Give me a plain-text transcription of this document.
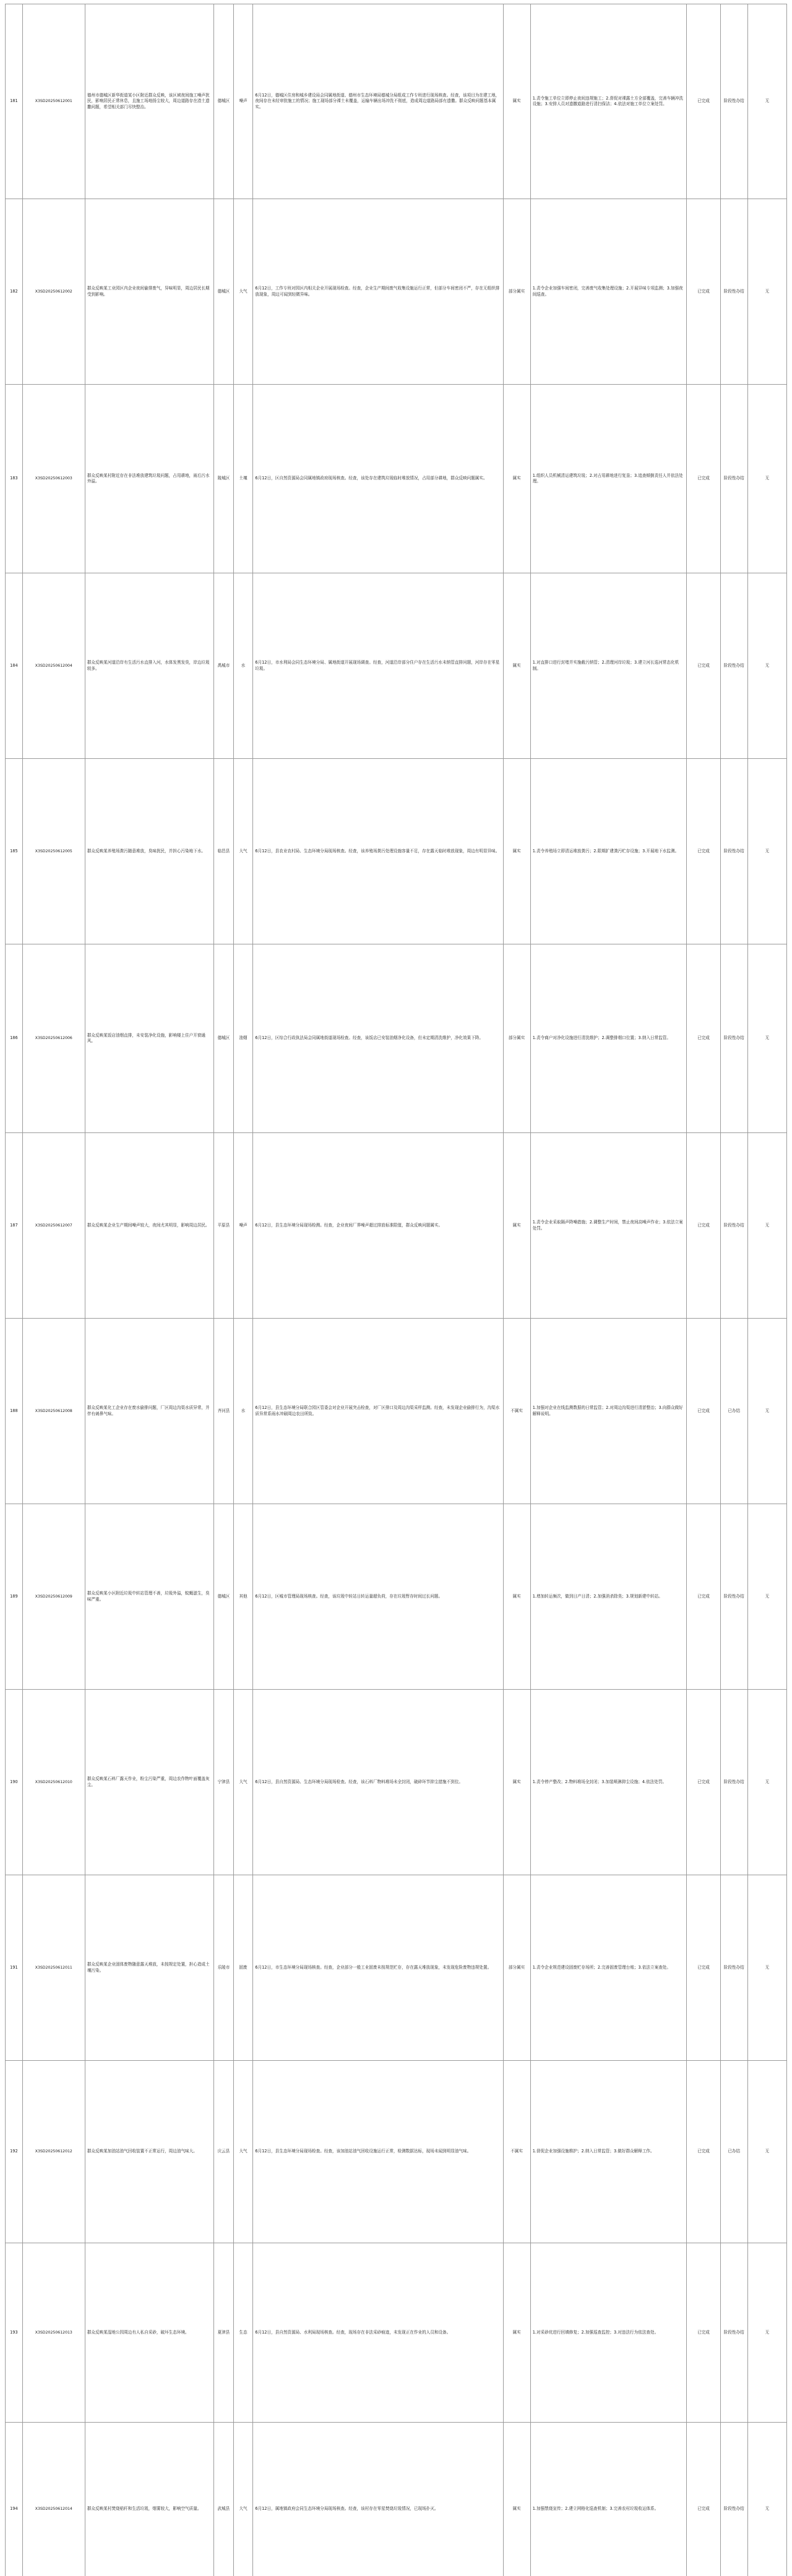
181	X3SD20250612001	德州市德城区新华街道某小区附近群众反映，该区域夜间施工噪声扰民，影响居民正常休息，且施工场地扬尘较大，周边道路存在渣土遗撒问题，希望相关部门尽快整治。	德城区	噪声	6月12日，德城区住房和城乡建设局会同属地街道、德州市生态环境局德城分局组成工作专班进行现场核查。经查，该项目为在建工地，夜间存在未经审批施工的情况；施工现场部分裸土未覆盖，运输车辆出场冲洗不彻底，造成周边道路局部有遗撒。群众反映问题基本属实。	属实	1.责令施工单位立即停止夜间违规施工；2.督促对裸露土方全部覆盖，完善车辆冲洗设施；3.安排人员对遗撒道路进行清扫保洁；4.依法对施工单位立案处罚。	已完成	阶段性办结	无
182	X3SD20250612002	群众反映某工业园区内企业夜间偷排废气，异味明显，周边居民长期受到影响。	德城区	大气	6月12日，工作专班对园区内相关企业开展现场检查。经查，企业生产期间废气收集设施运行正常，但部分车间密闭不严，存在无组织排放现象，周边可闻到轻微异味。	部分属实	1.责令企业加强车间密闭，完善废气收集处理设施；2.开展异味专项监测；3.加强夜间巡查。	已完成	阶段性办结	无
183	X3SD20250612003	群众反映某村附近存在非法堆放建筑垃圾问题，占用耕地，雨后污水外溢。	陵城区	土壤	6月12日，区自然资源局会同属地镇政府现场核查。经查，该处存在建筑垃圾临时堆放情况，占用部分耕地，群众反映问题属实。	属实	1.组织人员机械清运建筑垃圾；2.对占用耕地进行复垦；3.追查倾倒责任人并依法处理。	已完成	阶段性办结	无
184	X3SD20250612004	群众反映某河道沿岸有生活污水直排入河，水体发黑发臭，岸边垃圾较多。	禹城市	水	6月12日，市水利局会同生态环境分局、属地街道开展现场调查。经查，河道沿岸部分住户存在生活污水未纳管直排问题，河岸存在零星垃圾。	属实	1.对直排口进行封堵并实施截污纳管；2.清理河岸垃圾；3.建立河长巡河常态化机制。	已完成	阶段性办结	无
185	X3SD20250612005	群众反映某养殖场粪污随意堆放，臭味扰民，并担心污染地下水。	临邑县	大气	6月12日，县农业农村局、生态环境分局现场核查。经查，该养殖场粪污处理设施容量不足，存在露天临时堆放现象，周边有明显异味。	属实	1.责令养殖场立即清运堆放粪污；2.限期扩建粪污贮存设施；3.开展地下水监测。	已完成	阶段性办结	无
186	X3SD20250612006	群众反映某饭店油烟直排，未安装净化设施，影响楼上住户开窗通风。	德城区	油烟	6月12日，区综合行政执法局会同属地街道现场检查。经查，该饭店已安装油烟净化设备，但未定期清洗维护，净化效果下降。	部分属实	1.责令商户对净化设施进行清洗维护；2.调整排烟口位置；3.纳入日常监管。	已完成	阶段性办结	无
187	X3SD20250612007	群众反映某企业生产期间噪声较大，夜间尤其明显，影响周边居民。	平原县	噪声	6月12日，县生态环境分局现场检测。经查，企业夜间厂界噪声超过排放标准限值，群众反映问题属实。	属实	1.责令企业采取隔声降噪措施；2.调整生产时间，禁止夜间高噪声作业；3.依法立案处罚。	已完成	阶段性办结	无
188	X3SD20250612008	群众反映某化工企业存在废水偷排问题，厂区周边沟渠水质异常，并伴有刺鼻气味。	齐河县	水	6月12日，县生态环境分局联合园区管委会对企业开展突击检查，对厂区排口及周边沟渠采样监测。经查，未发现企业偷排行为，沟渠水质异常系雨水冲刷周边农田所致。	不属实	1.加强对企业在线监测数据的日常监管；2.对周边沟渠进行清淤整治；3.向群众做好解释说明。	已完成	已办结	无
189	X3SD20250612009	群众反映某小区附近垃圾中转站管理不善，垃圾外溢，蚊蝇滋生，臭味严重。	德城区	其他	6月12日，区城市管理局现场核查。经查，该垃圾中转站日转运量超负荷，存在垃圾暂存时间过长问题。	属实	1.增加转运频次，做到日产日清；2.加强消杀除臭；3.规划新建中转站。	已完成	阶段性办结	无
190	X3SD20250612010	群众反映某石料厂露天作业，粉尘污染严重，周边农作物叶面覆盖灰尘。	宁津县	大气	6月12日，县自然资源局、生态环境分局现场检查。经查，该石料厂物料堆场未全封闭，破碎环节抑尘措施不到位。	属实	1.责令停产整改；2.物料堆场全封闭；3.加装喷淋抑尘设施；4.依法处罚。	已完成	阶段性办结	无
191	X3SD20250612011	群众反映某企业固体废物随意露天堆放，未按规定处置，担心造成土壤污染。	乐陵市	固废	6月12日，市生态环境分局现场核查。经查，企业部分一般工业固废未按规范贮存，存在露天堆放现象，未发现危险废物违规处置。	部分属实	1.责令企业规范建设固废贮存场所；2.完善固废管理台账；3.依法立案查处。	已完成	阶段性办结	无
192	X3SD20250612012	群众反映某加油站油气回收装置不正常运行，周边油气味大。	庆云县	大气	6月12日，县生态环境分局现场检查。经查，该加油站油气回收设施运行正常，检测数据达标，现场未闻到明显油气味。	不属实	1.督促企业加强设施维护；2.纳入日常监管；3.做好群众解释工作。	已完成	已办结	无
193	X3SD20250612013	群众反映某湿地公园周边有人私自采砂，破坏生态环境。	夏津县	生态	6月12日，县自然资源局、水利局现场核查。经查，现场存在非法采砂痕迹，未发现正在作业的人员和设备。	属实	1.对采砂坑进行回填修复；2.加强巡查监控；3.对违法行为依法查处。	已完成	阶段性办结	无
194	X3SD20250612014	群众反映某村焚烧秸秆和生活垃圾，烟雾较大，影响空气质量。	武城县	大气	6月12日，属地镇政府会同生态环境分局现场核查。经查，该村存在零星焚烧垃圾情况，已现场扑灭。	属实	1.加强禁烧宣传；2.建立网格化巡查机制；3.完善农村垃圾收运体系。	已完成	阶段性办结	无
